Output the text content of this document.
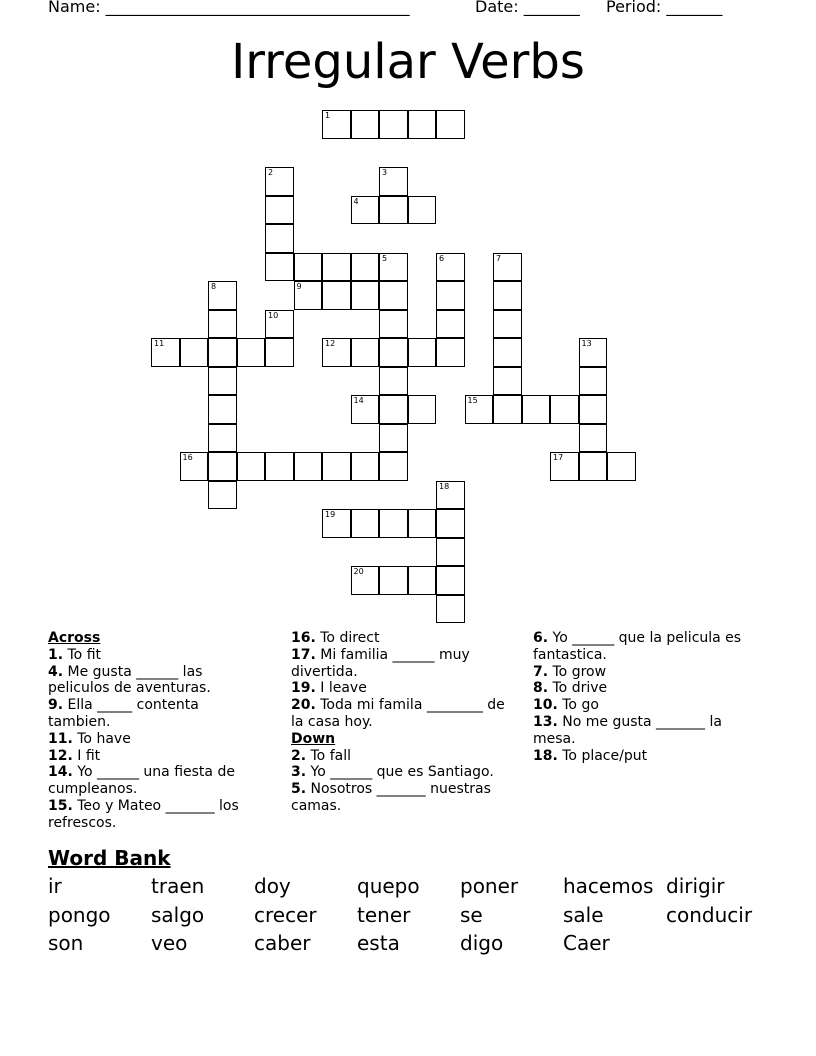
Name: ______________________________________	Date: _______ Period: _______
Irregular Verbs
1
2	3
4
5	6	7
8	9
10
11	12	13
14	15
16	17
18
19
20
Across
1. To fit
4. Me gusta ______ las peliculos de aventuras.
9. Ella _____ contenta tambien.
11. To have
12. I fit
14. Yo ______ una fiesta de cumpleanos.
15. Teo y Mateo _______ los refrescos.
16. To direct
17. Mi familia ______ muy divertida.
19. I leave
20. Toda mi famila ________ de la casa hoy.
Down
2. To fall
3. Yo ______ que es Santiago.
5. Nosotros _______ nuestras camas.
6. Yo ______ que la pelicula es fantastica.
7. To grow
8. To drive
10. To go
13. No me gusta _______ la mesa.
18. To place/put
Word Bank
ir	traen doy	quepo poner hacemos dirigir
pongo salgo crecer tener se	sale	conducir
son	veo	caber esta	digo	Caer
